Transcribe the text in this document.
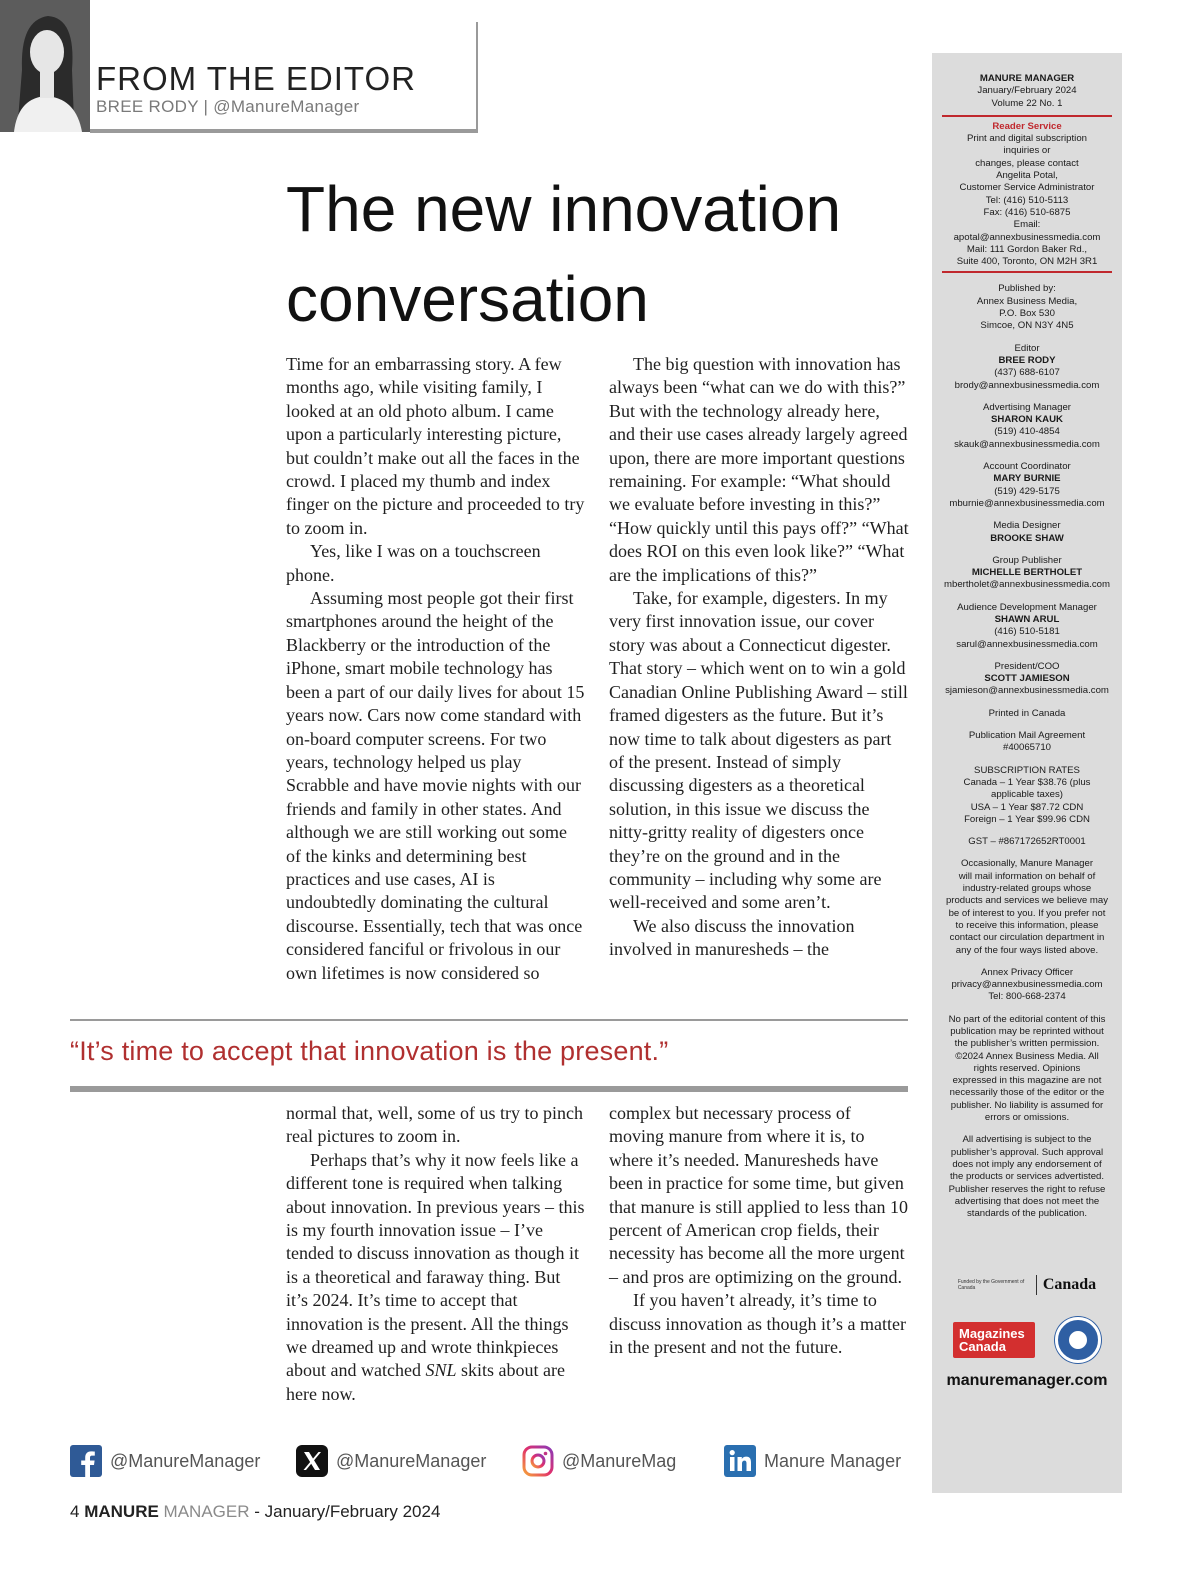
FROM THE EDITOR
BREE RODY | @ManureManager
The new innovation
conversation

Time for an embarrassing story. A few months ago, while visiting family, I looked at an old photo album. I came upon a particularly interesting picture, but couldn’t make out all the faces in the crowd. I placed my thumb and index finger on the picture and proceeded to try to zoom in.

Yes, like I was on a touchscreen phone.

Assuming most people got their first smartphones around the height of the Blackberry or the introduction of the iPhone, smart mobile technology has been a part of our daily lives for about 15 years now. Cars now come standard with on-board computer screens. For two years, technology helped us play Scrabble and have movie nights with our friends and family in other states. And although we are still working out some of the kinks and determining best practices and use cases, AI is undoubtedly dominating the cultural discourse. Essentially, tech that was once considered fanciful or frivolous in our own lifetimes is now considered so

The big question with innovation has always been “what can we do with this?” But with the technology already here, and their use cases already largely agreed upon, there are more important questions remaining. For example: “What should we evaluate before investing in this?” “How quickly until this pays off?” “What does ROI on this even look like?” “What are the implications of this?”

Take, for example, digesters. In my very first innovation issue, our cover story was about a Connecticut digester. That story – which went on to win a gold Canadian Online Publishing Award – still framed digesters as the future. But it’s now time to talk about digesters as part of the present. Instead of simply discussing digesters as a theoretical solution, in this issue we discuss the nitty-gritty reality of digesters once they’re on the ground and in the community – including why some are well-received and some aren’t.

We also discuss the innovation involved in manuresheds – the

“It’s time to accept that innovation is the present.”

normal that, well, some of us try to pinch real pictures to zoom in.

Perhaps that’s why it now feels like a different tone is required when talking about innovation. In previous years – this is my fourth innovation issue – I’ve tended to discuss innovation as though it is a theoretical and faraway thing. But it’s 2024. It’s time to accept that innovation is the present. All the things we dreamed up and wrote thinkpieces about and watched SNL skits about are here now.

complex but necessary process of moving manure from where it is, to where it’s needed. Manuresheds have been in practice for some time, but given that manure is still applied to less than 10 percent of American crop fields, their necessity has become all the more urgent – and pros are optimizing on the ground.

If you haven’t already, it’s time to discuss innovation as though it’s a matter in the present and not the future.

@ManureManager	@ManureManager	@ManureMag	Manure Manager
4 MANURE MANAGER - January/February 2024
MANURE MANAGER
January/February 2024
Volume 22 No. 1
Reader Service
Print and digital subscription
inquiries or
changes, please contact
Angelita Potal,
Customer Service Administrator
Tel: (416) 510-5113
Fax: (416) 510-6875
Email: apotal@annexbusinessmedia.com
Mail: 111 Gordon Baker Rd.,
Suite 400, Toronto, ON M2H 3R1
Published by:
Annex Business Media,
P.O. Box 530
Simcoe, ON N3Y 4N5
Editor
BREE RODY
(437) 688-6107
brody@annexbusinessmedia.com
Advertising Manager
SHARON KAUK
(519) 410-4854
skauk@annexbusinessmedia.com
Account Coordinator
MARY BURNIE
(519) 429-5175
mburnie@annexbusinessmedia.com
Media Designer
BROOKE SHAW
Group Publisher
MICHELLE BERTHOLET
mbertholet@annexbusinessmedia.com
Audience Development Manager
SHAWN ARUL
(416) 510-5181
sarul@annexbusinessmedia.com
President/COO
SCOTT JAMIESON
sjamieson@annexbusinessmedia.com
Printed in Canada
Publication Mail Agreement
#40065710
SUBSCRIPTION RATES
Canada – 1 Year $38.76 (plus
applicable taxes)
USA – 1 Year $87.72 CDN
Foreign – 1 Year $99.96 CDN
GST – #867172652RT0001
Occasionally, Manure Manager
will mail information on behalf of
industry-related groups whose
products and services we believe may
be of interest to you. If you prefer not
to receive this information, please
contact our circulation department in
any of the four ways listed above.
Annex Privacy Officer
privacy@annexbusinessmedia.com
Tel: 800-668-2374
No part of the editorial content of this
publication may be reprinted without
the publisher’s written permission.
©2024 Annex Business Media. All
rights reserved. Opinions
expressed in this magazine are not
necessarily those of the editor or the
publisher. No liability is assumed for
errors or omissions.
All advertising is subject to the
publisher’s approval. Such approval
does not imply any endorsement of
the products or services advertisted.
Publisher reserves the right to refuse
advertising that does not meet the
standards of the publication.
Funded by the Government of Canada	Canada
Magazines Canada
manuremanager.com
